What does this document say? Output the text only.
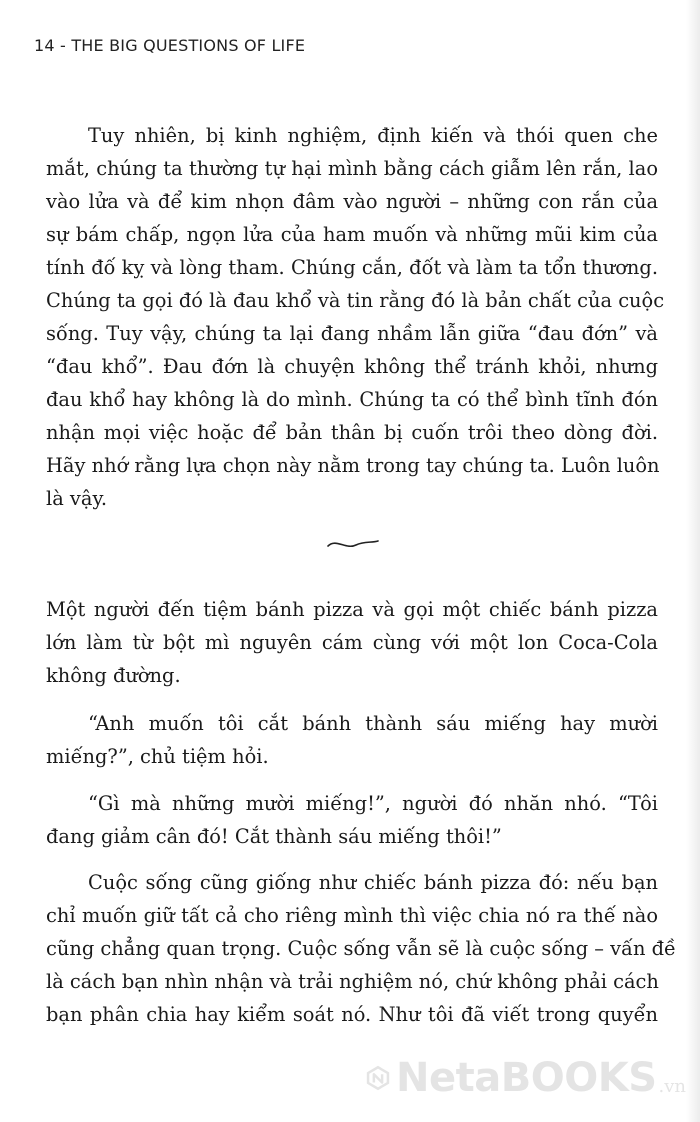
14 - THE BIG QUESTIONS OF LIFE
Tuy nhiên, bị kinh nghiệm, định kiến và thói quen che
mắt, chúng ta thường tự hại mình bằng cách giẫm lên rắn, lao
vào lửa và để kim nhọn đâm vào người – những con rắn của
sự bám chấp, ngọn lửa của ham muốn và những mũi kim của
tính đố kỵ và lòng tham. Chúng cắn, đốt và làm ta tổn thương.
Chúng ta gọi đó là đau khổ và tin rằng đó là bản chất của cuộc
sống. Tuy vậy, chúng ta lại đang nhầm lẫn giữa “đau đớn” và
“đau khổ”. Đau đớn là chuyện không thể tránh khỏi, nhưng
đau khổ hay không là do mình. Chúng ta có thể bình tĩnh đón
nhận mọi việc hoặc để bản thân bị cuốn trôi theo dòng đời.
Hãy nhớ rằng lựa chọn này nằm trong tay chúng ta. Luôn luôn
là vậy.
Một người đến tiệm bánh pizza và gọi một chiếc bánh pizza
lớn làm từ bột mì nguyên cám cùng với một lon Coca-Cola
không đường.
“Anh muốn tôi cắt bánh thành sáu miếng hay mười
miếng?”, chủ tiệm hỏi.
“Gì mà những mười miếng!”, người đó nhăn nhó. “Tôi
đang giảm cân đó! Cắt thành sáu miếng thôi!”
Cuộc sống cũng giống như chiếc bánh pizza đó: nếu bạn
chỉ muốn giữ tất cả cho riêng mình thì việc chia nó ra thế nào
cũng chẳng quan trọng. Cuộc sống vẫn sẽ là cuộc sống – vấn đề
là cách bạn nhìn nhận và trải nghiệm nó, chứ không phải cách
bạn phân chia hay kiểm soát nó. Như tôi đã viết trong quyển
NetaBOOKS .vn
